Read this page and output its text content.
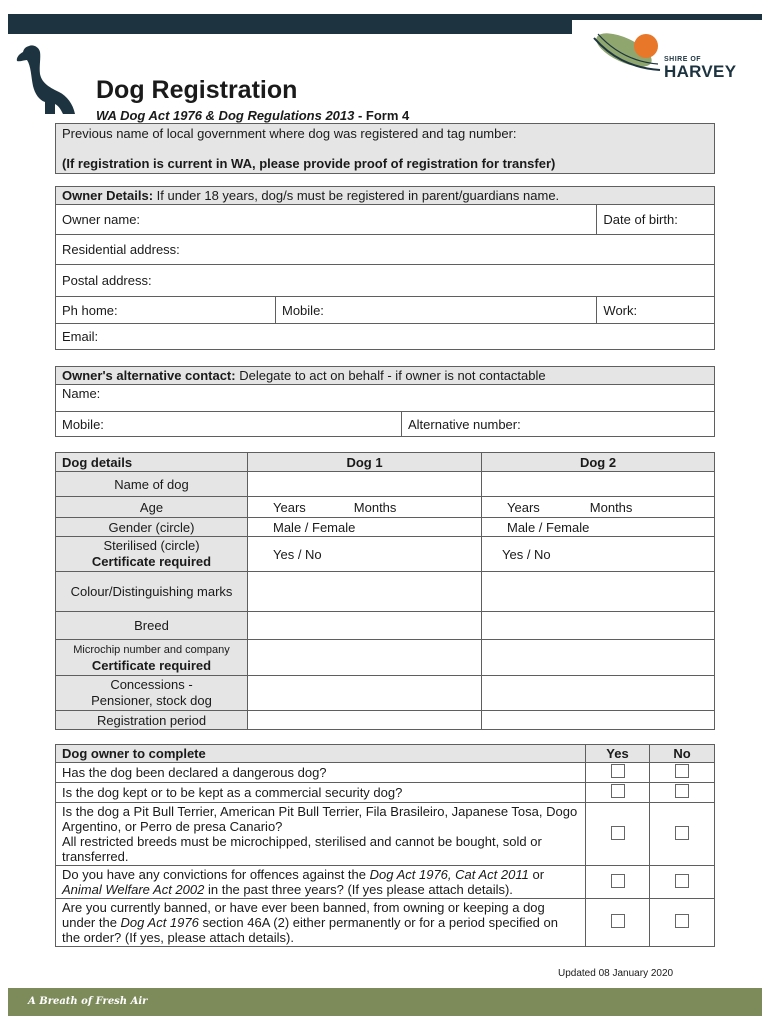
SHIRE OF
HARVEY
Dog Registration
WA Dog Act 1976 & Dog Regulations 2013 - Form 4
Previous name of local government where dog was registered and tag number:
(If registration is current in WA, please provide proof of registration for transfer)
Owner Details: If under 18 years, dog/s must be registered in parent/guardians name.		
Owner name:		Date of birth:
Residential address:		
Postal address:		
Ph home:	Mobile:	Work:
Email:		
Owner's alternative contact: Delegate to act on behalf - if owner is not contactable
Name:
Mobile:	Alternative number:
Dog details	Dog 1	Dog 2
Name of dog		
Age	Years Months	Years Months
Gender (circle)	Male / Female	Male / Female

Sterilised (circle)
Certificate required	Yes / No	Yes / No
Colour/Distinguishing marks		
Breed		

Microchip number and company
Certificate required		

Concessions -
Pensioner, stock dog		

Registration period		
Dog owner to complete	Yes	No
Has the dog been declared a dangerous dog?		
Is the dog kept or to be kept as a commercial security dog?		

Is the dog a Pit Bull Terrier, American Pit Bull Terrier, Fila Brasileiro, Japanese Tosa, Dogo Argentino, or Perro de presa Canario?
All restricted breeds must be microchipped, sterilised and cannot be bought, sold or transferred.		

Do you have any convictions for offences against the Dog Act 1976, Cat Act 2011 or Animal Welfare Act 2002 in the past three years? (If yes please attach details).		
Are you currently banned, or have ever been banned, from owning or keeping a dog under the Dog Act 1976 section 46A (2) either permanently or for a period specified on the order? (If yes, please attach details).		
Updated 08 January 2020
A Breath of Fresh Air
